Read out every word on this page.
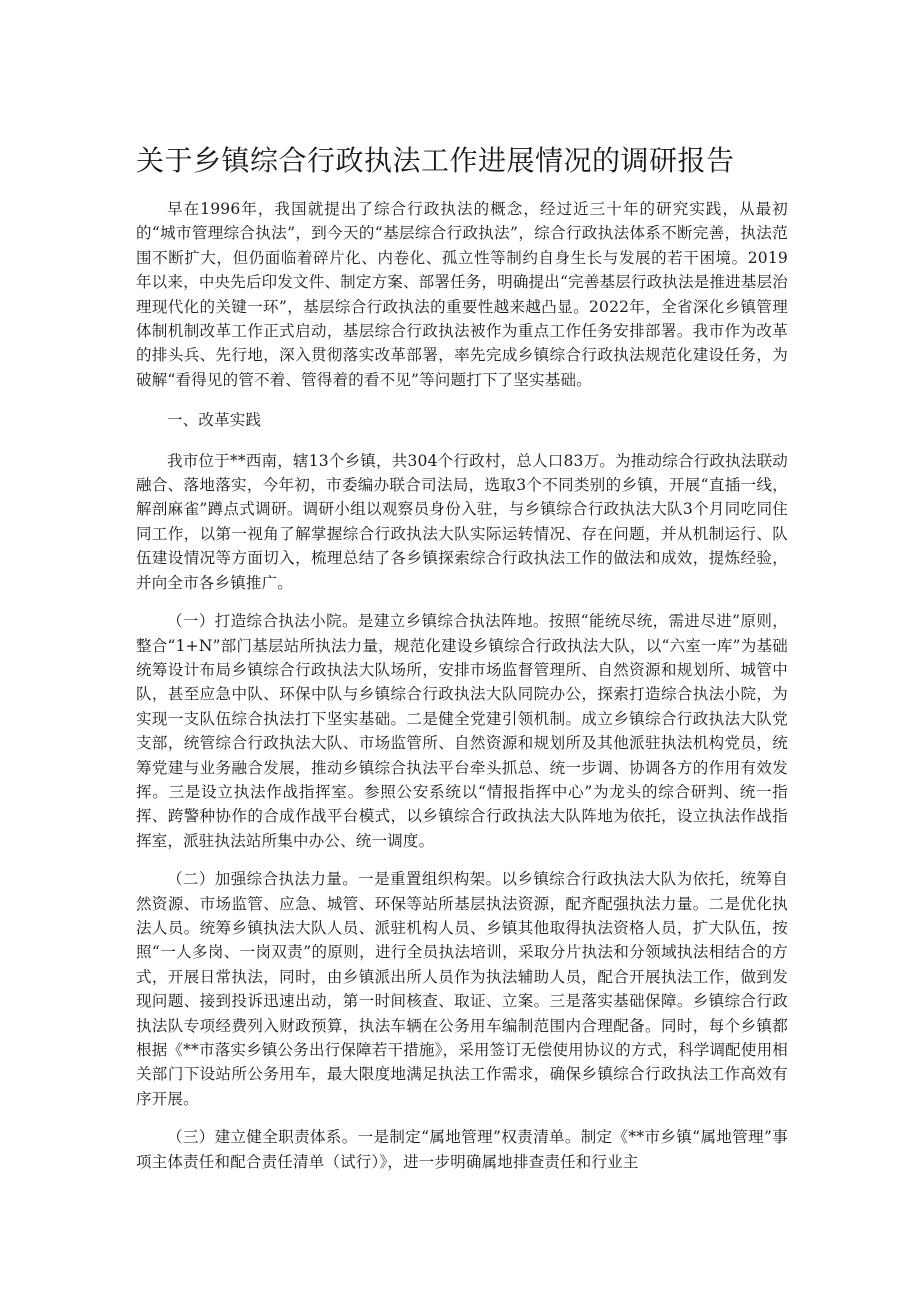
关于乡镇综合行政执法工作进展情况的调研报告

早在1996年，我国就提出了综合行政执法的概念，经过近三十年的研究实践，从最初的“城市管理综合执法”，到今天的“基层综合行政执法”，综合行政执法体系不断完善，执法范围不断扩大，但仍面临着碎片化、内卷化、孤立性等制约自身生长与发展的若干困境。2019年以来，中央先后印发文件、制定方案、部署任务，明确提出“完善基层行政执法是推进基层治理现代化的关键一环”，基层综合行政执法的重要性越来越凸显。2022年，全省深化乡镇管理体制机制改革工作正式启动，基层综合行政执法被作为重点工作任务安排部署。我市作为改革的排头兵、先行地，深入贯彻落实改革部署，率先完成乡镇综合行政执法规范化建设任务，为破解“看得见的管不着、管得着的看不见”等问题打下了坚实基础。

一、改革实践

我市位于**西南，辖13个乡镇，共304个行政村，总人口83万。为推动综合行政执法联动融合、落地落实，今年初，市委编办联合司法局，选取3个不同类别的乡镇，开展“直插一线，解剖麻雀”蹲点式调研。调研小组以观察员身份入驻，与乡镇综合行政执法大队3个月同吃同住同工作，以第一视角了解掌握综合行政执法大队实际运转情况、存在问题，并从机制运行、队伍建设情况等方面切入，梳理总结了各乡镇探索综合行政执法工作的做法和成效，提炼经验，并向全市各乡镇推广。

（一）打造综合执法小院。是建立乡镇综合执法阵地。按照“能统尽统，需进尽进”原则，整合“1+N”部门基层站所执法力量，规范化建设乡镇综合行政执法大队，以“六室一库”为基础统筹设计布局乡镇综合行政执法大队场所，安排市场监督管理所、自然资源和规划所、城管中队，甚至应急中队、环保中队与乡镇综合行政执法大队同院办公，探索打造综合执法小院，为实现一支队伍综合执法打下坚实基础。二是健全党建引领机制。成立乡镇综合行政执法大队党支部，统管综合行政执法大队、市场监管所、自然资源和规划所及其他派驻执法机构党员，统筹党建与业务融合发展，推动乡镇综合执法平台牵头抓总、统一步调、协调各方的作用有效发挥。三是设立执法作战指挥室。参照公安系统以“情报指挥中心”为龙头的综合研判、统一指挥、跨警种协作的合成作战平台模式，以乡镇综合行政执法大队阵地为依托，设立执法作战指挥室，派驻执法站所集中办公、统一调度。

（二）加强综合执法力量。一是重置组织构架。以乡镇综合行政执法大队为依托，统筹自然资源、市场监管、应急、城管、环保等站所基层执法资源，配齐配强执法力量。二是优化执法人员。统筹乡镇执法大队人员、派驻机构人员、乡镇其他取得执法资格人员，扩大队伍，按照“一人多岗、一岗双责”的原则，进行全员执法培训，采取分片执法和分领域执法相结合的方式，开展日常执法，同时，由乡镇派出所人员作为执法辅助人员，配合开展执法工作，做到发现问题、接到投诉迅速出动，第一时间核查、取证、立案。三是落实基础保障。乡镇综合行政执法队专项经费列入财政预算，执法车辆在公务用车编制范围内合理配备。同时，每个乡镇都根据《**市落实乡镇公务出行保障若干措施》，采用签订无偿使用协议的方式，科学调配使用相关部门下设站所公务用车，最大限度地满足执法工作需求，确保乡镇综合行政执法工作高效有序开展。

（三）建立健全职责体系。一是制定“属地管理”权责清单。制定《**市乡镇“属地管理”事项主体责任和配合责任清单（试行）》，进一步明确属地排查责任和行业主
